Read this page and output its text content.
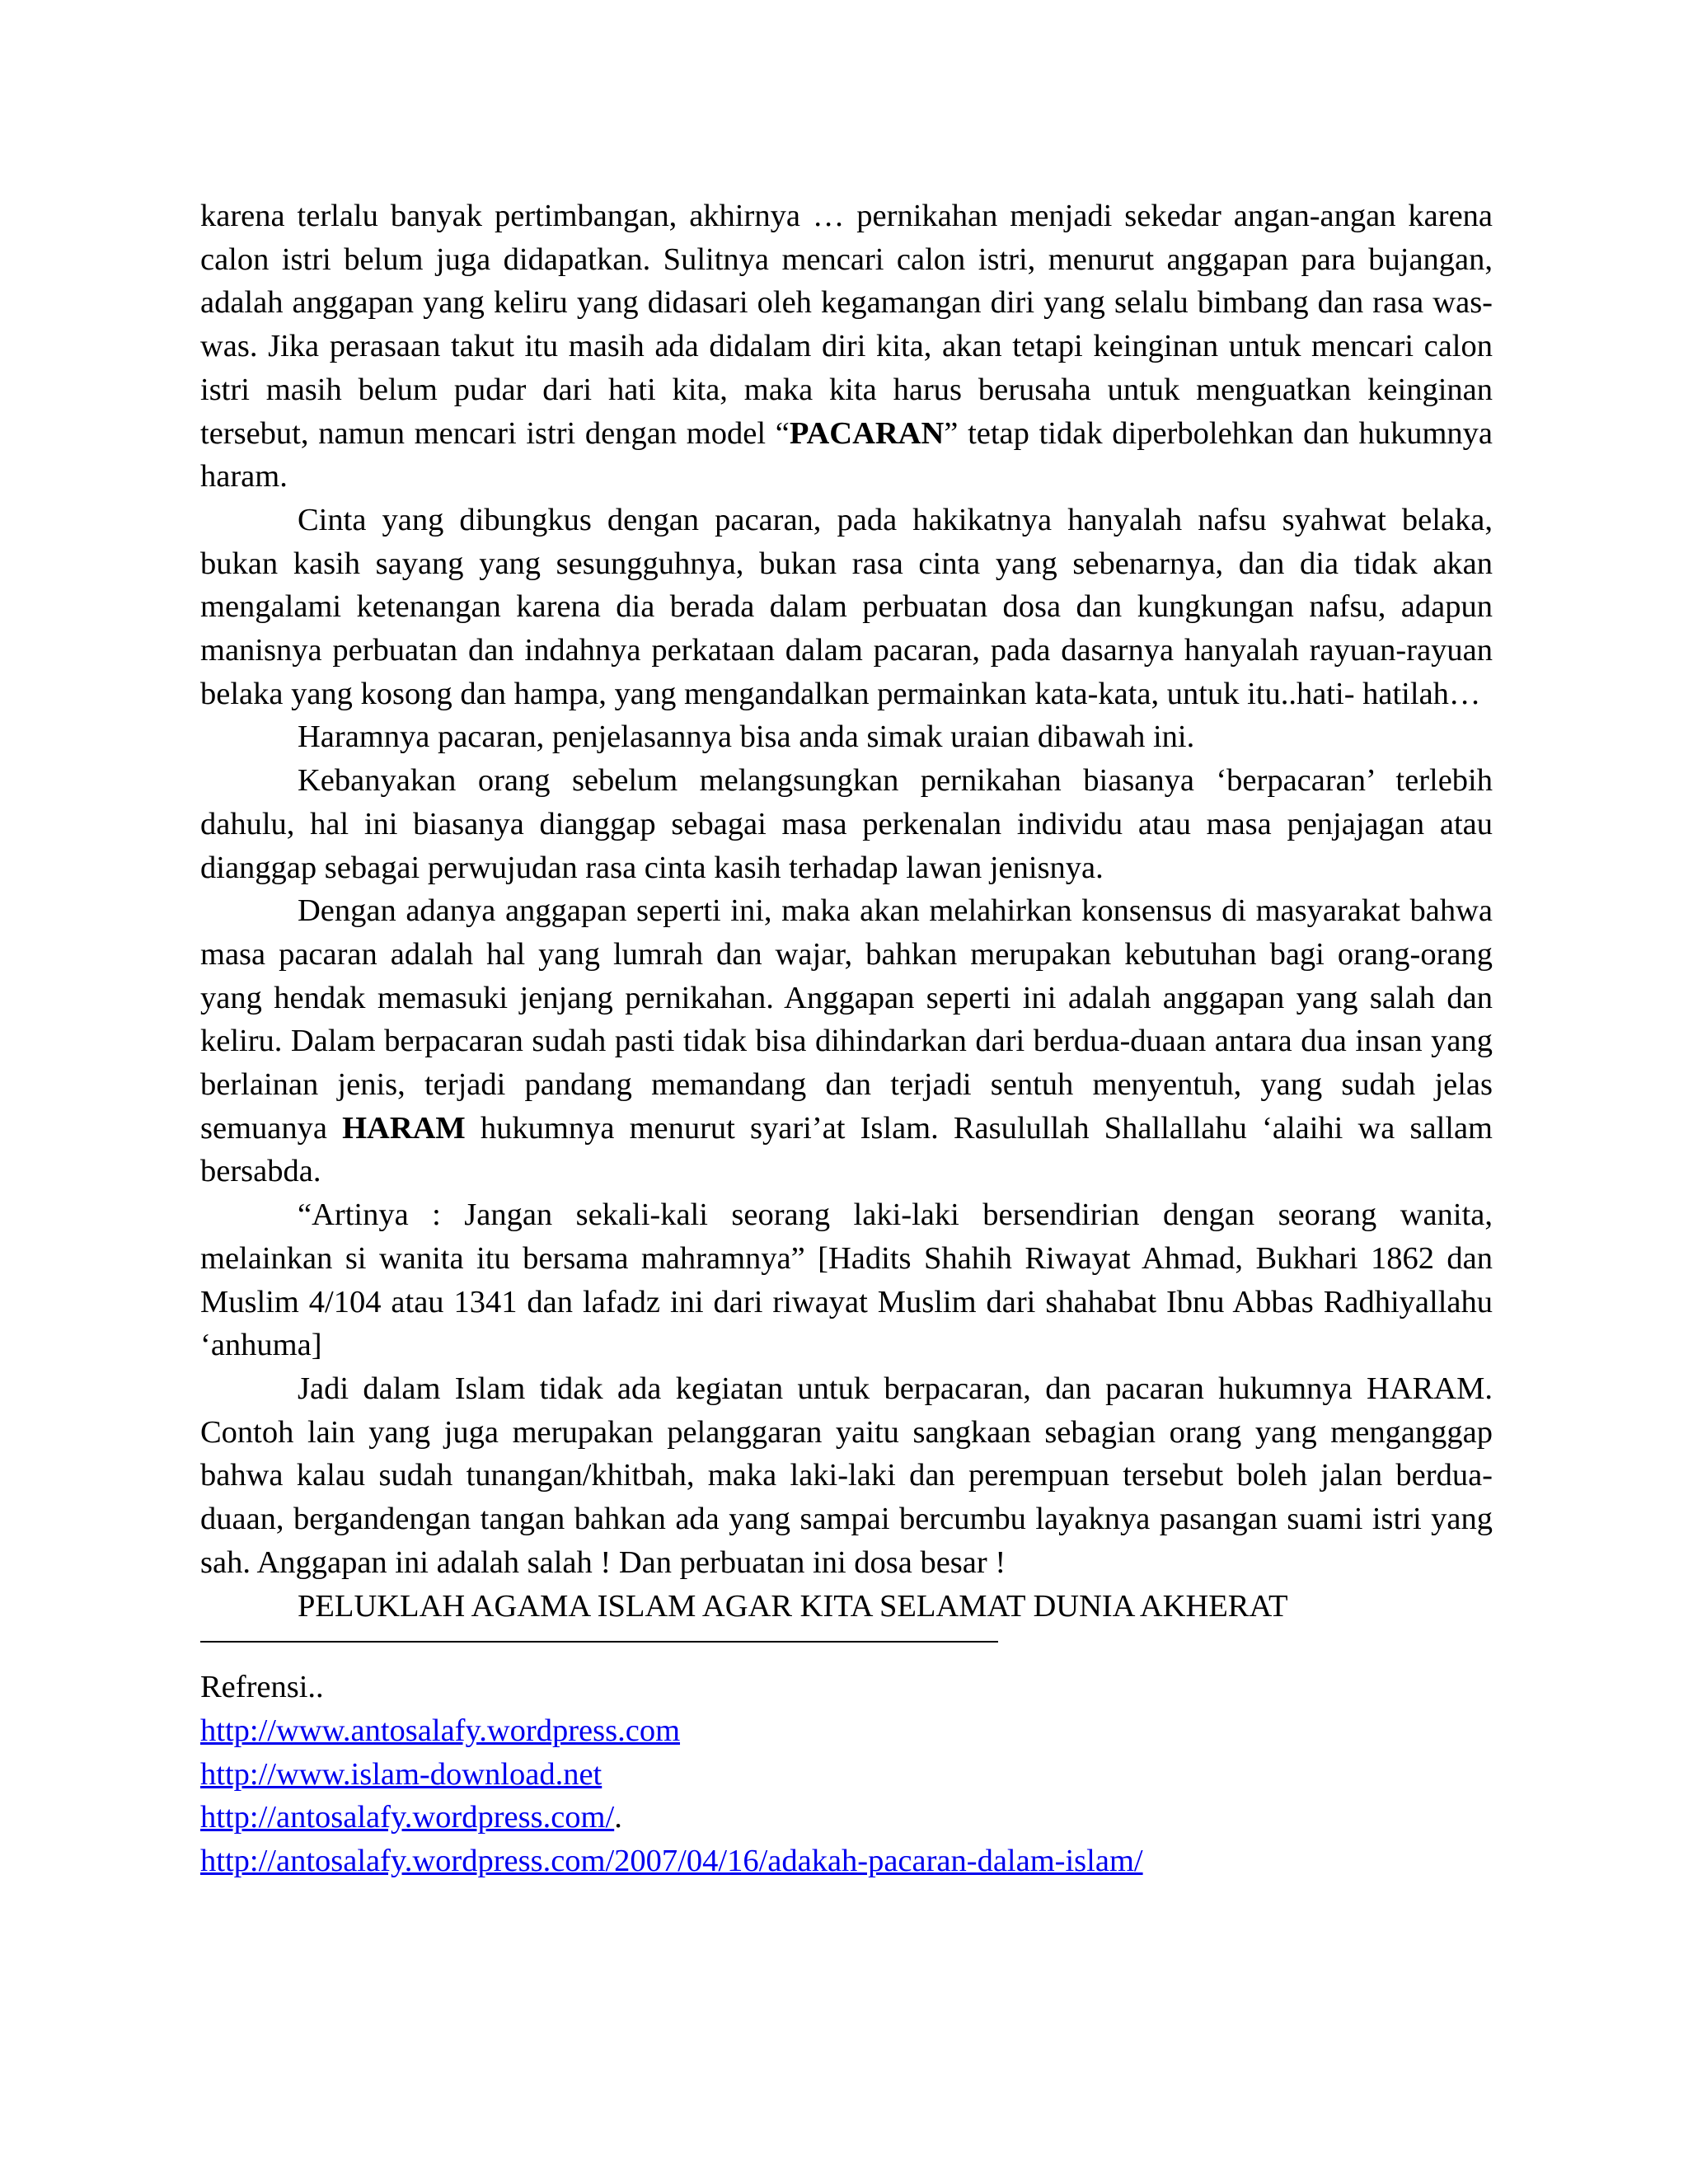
karena terlalu banyak pertimbangan, akhirnya … pernikahan menjadi sekedar angan-angan karena calon istri belum juga didapatkan. Sulitnya mencari calon istri, menurut anggapan para bujangan, adalah anggapan yang keliru yang didasari oleh kegamangan diri yang selalu bimbang dan rasa was-was. Jika perasaan takut itu masih ada didalam diri kita, akan tetapi keinginan untuk mencari calon istri masih belum pudar dari hati kita, maka kita harus berusaha untuk menguatkan keinginan tersebut, namun mencari istri dengan model “PACARAN” tetap tidak diperbolehkan dan hukumnya haram.

Cinta yang dibungkus dengan pacaran, pada hakikatnya hanyalah nafsu syahwat belaka, bukan kasih sayang yang sesungguhnya, bukan rasa cinta yang sebenarnya, dan dia tidak akan mengalami ketenangan karena dia berada dalam perbuatan dosa dan kungkungan nafsu, adapun manisnya perbuatan dan indahnya perkataan dalam pacaran, pada dasarnya hanyalah rayuan-rayuan belaka yang kosong dan hampa, yang mengandalkan permainkan kata-kata, untuk itu..hati- hatilah…

Haramnya pacaran, penjelasannya bisa anda simak uraian dibawah ini.

Kebanyakan orang sebelum melangsungkan pernikahan biasanya ‘berpacaran’ terlebih dahulu, hal ini biasanya dianggap sebagai masa perkenalan individu atau masa penjajagan atau dianggap sebagai perwujudan rasa cinta kasih terhadap lawan jenisnya.

Dengan adanya anggapan seperti ini, maka akan melahirkan konsensus di masyarakat bahwa masa pacaran adalah hal yang lumrah dan wajar, bahkan merupakan kebutuhan bagi orang-orang yang hendak memasuki jenjang pernikahan. Anggapan seperti ini adalah anggapan yang salah dan keliru. Dalam berpacaran sudah pasti tidak bisa dihindarkan dari berdua-duaan antara dua insan yang berlainan jenis, terjadi pandang memandang dan terjadi sentuh menyentuh, yang sudah jelas semuanya HARAM hukumnya menurut syari’at Islam. Rasulullah Shallallahu ‘alaihi wa sallam bersabda.

“Artinya : Jangan sekali-kali seorang laki-laki bersendirian dengan seorang wanita, melainkan si wanita itu bersama mahramnya” [Hadits Shahih Riwayat Ahmad, Bukhari 1862 dan Muslim 4/104 atau 1341 dan lafadz ini dari riwayat Muslim dari shahabat Ibnu Abbas Radhiyallahu ‘anhuma]

Jadi dalam Islam tidak ada kegiatan untuk berpacaran, dan pacaran hukumnya HARAM. Contoh lain yang juga merupakan pelanggaran yaitu sangkaan sebagian orang yang menganggap bahwa kalau sudah tunangan/khitbah, maka laki-laki dan perempuan tersebut boleh jalan berdua-duaan, bergandengan tangan bahkan ada yang sampai bercumbu layaknya pasangan suami istri yang sah. Anggapan ini adalah salah ! Dan perbuatan ini dosa besar !

PELUKLAH AGAMA ISLAM AGAR KITA SELAMAT DUNIA AKHERAT

Refrensi..

http://www.antosalafy.wordpress.com

http://www.islam-download.net

http://antosalafy.wordpress.com/.

http://antosalafy.wordpress.com/2007/04/16/adakah-pacaran-dalam-islam/
